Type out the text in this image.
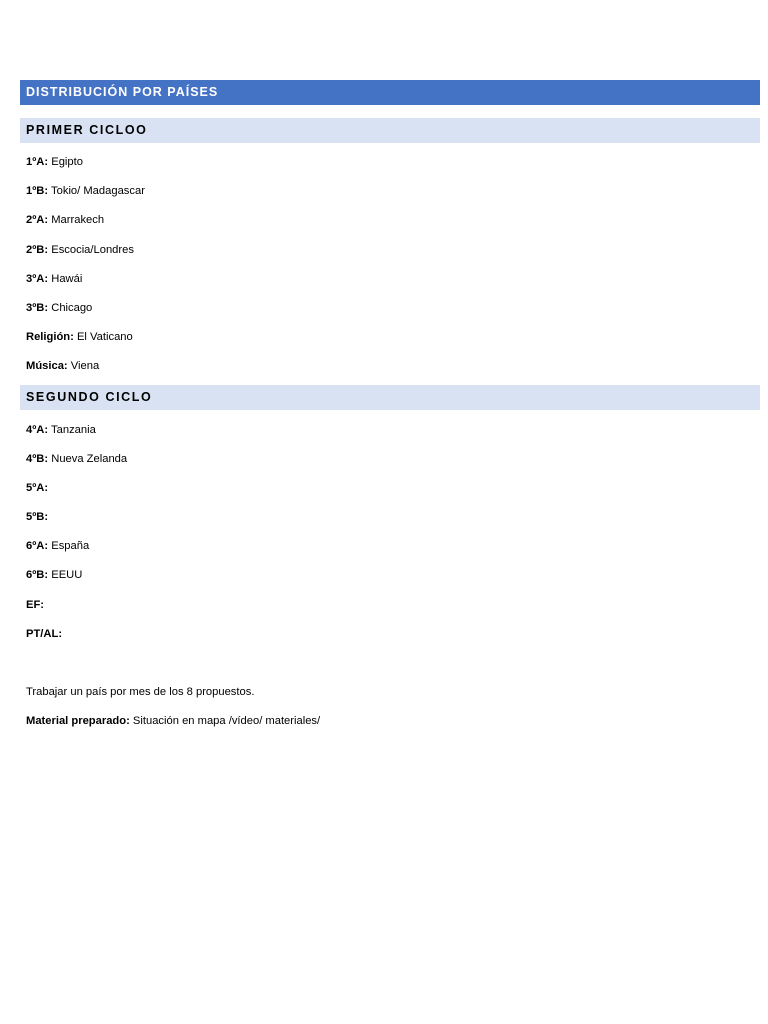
DISTRIBUCIÓN POR PAÍSES
PRIMER CICLOO
1ºA: Egipto
1ºB: Tokio/ Madagascar
2ºA: Marrakech
2ºB: Escocia/Londres
3ºA: Hawái
3ºB: Chicago
Religión: El Vaticano
Música: Viena
SEGUNDO CICLO
4ºA: Tanzania
4ºB: Nueva Zelanda
5ºA:
5ºB:
6ºA: España
6ºB: EEUU
EF:
PT/AL:
Trabajar un país por mes de los 8 propuestos.
Material preparado: Situación en mapa /vídeo/ materiales/
